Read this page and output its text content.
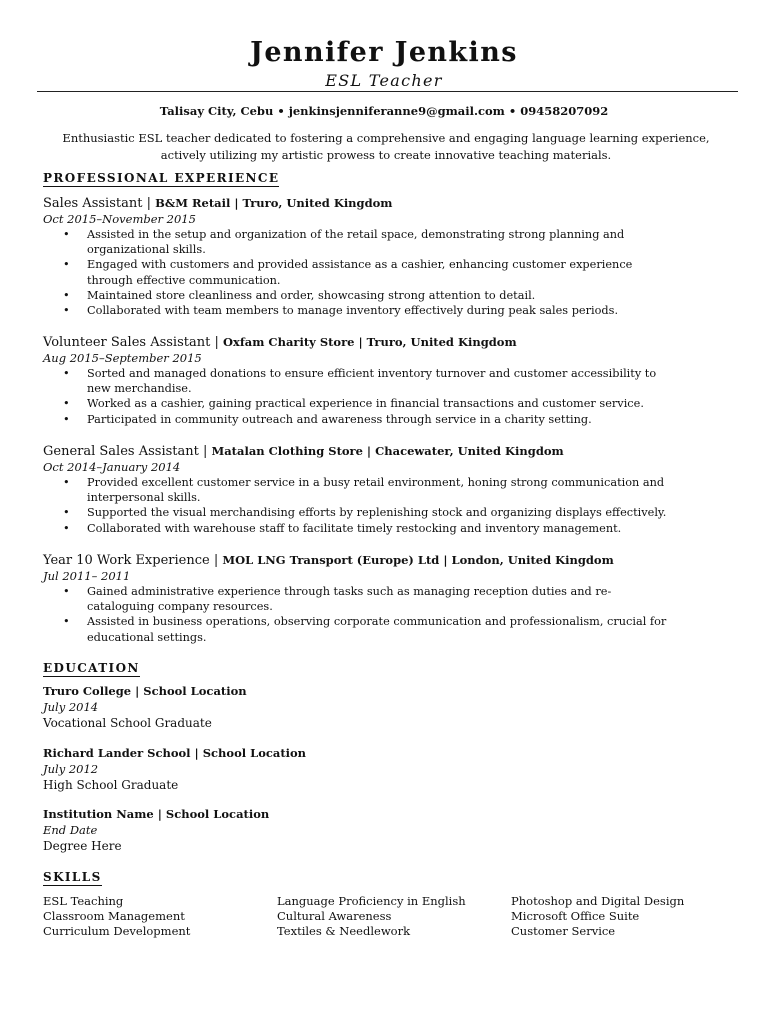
Jennifer Jenkins
ESL Teacher
Talisay City, Cebu • jenkinsjenniferanne9@gmail.com • 09458207092
Enthusiastic ESL teacher dedicated to fostering a comprehensive and engaging language learning experience, actively utilizing my artistic prowess to create innovative teaching materials.
PROFESSIONAL EXPERIENCE
Sales Assistant | B&M Retail | Truro, United Kingdom
Oct 2015–November 2015
• Assisted in the setup and organization of the retail space, demonstrating strong planning and organizational skills.
• Engaged with customers and provided assistance as a cashier, enhancing customer experience through effective communication.
• Maintained store cleanliness and order, showcasing strong attention to detail.
• Collaborated with team members to manage inventory effectively during peak sales periods.
Volunteer Sales Assistant | Oxfam Charity Store | Truro, United Kingdom
Aug 2015–September 2015
• Sorted and managed donations to ensure efficient inventory turnover and customer accessibility to new merchandise.
• Worked as a cashier, gaining practical experience in financial transactions and customer service.
• Participated in community outreach and awareness through service in a charity setting.
General Sales Assistant | Matalan Clothing Store | Chacewater, United Kingdom
Oct 2014–January 2014
• Provided excellent customer service in a busy retail environment, honing strong communication and interpersonal skills.
• Supported the visual merchandising efforts by replenishing stock and organizing displays effectively.
• Collaborated with warehouse staff to facilitate timely restocking and inventory management.
Year 10 Work Experience | MOL LNG Transport (Europe) Ltd | London, United Kingdom
Jul 2011– 2011
• Gained administrative experience through tasks such as managing reception duties and re-cataloguing company resources.
• Assisted in business operations, observing corporate communication and professionalism, crucial for educational settings.
EDUCATION
Truro College | School Location
July 2014
Vocational School Graduate
Richard Lander School | School Location
July 2012
High School Graduate
Institution Name | School Location
End Date
Degree Here
SKILLS
ESL Teaching
Classroom Management
Curriculum Development
Language Proficiency in English
Cultural Awareness
Textiles & Needlework
Photoshop and Digital Design
Microsoft Office Suite
Customer Service
